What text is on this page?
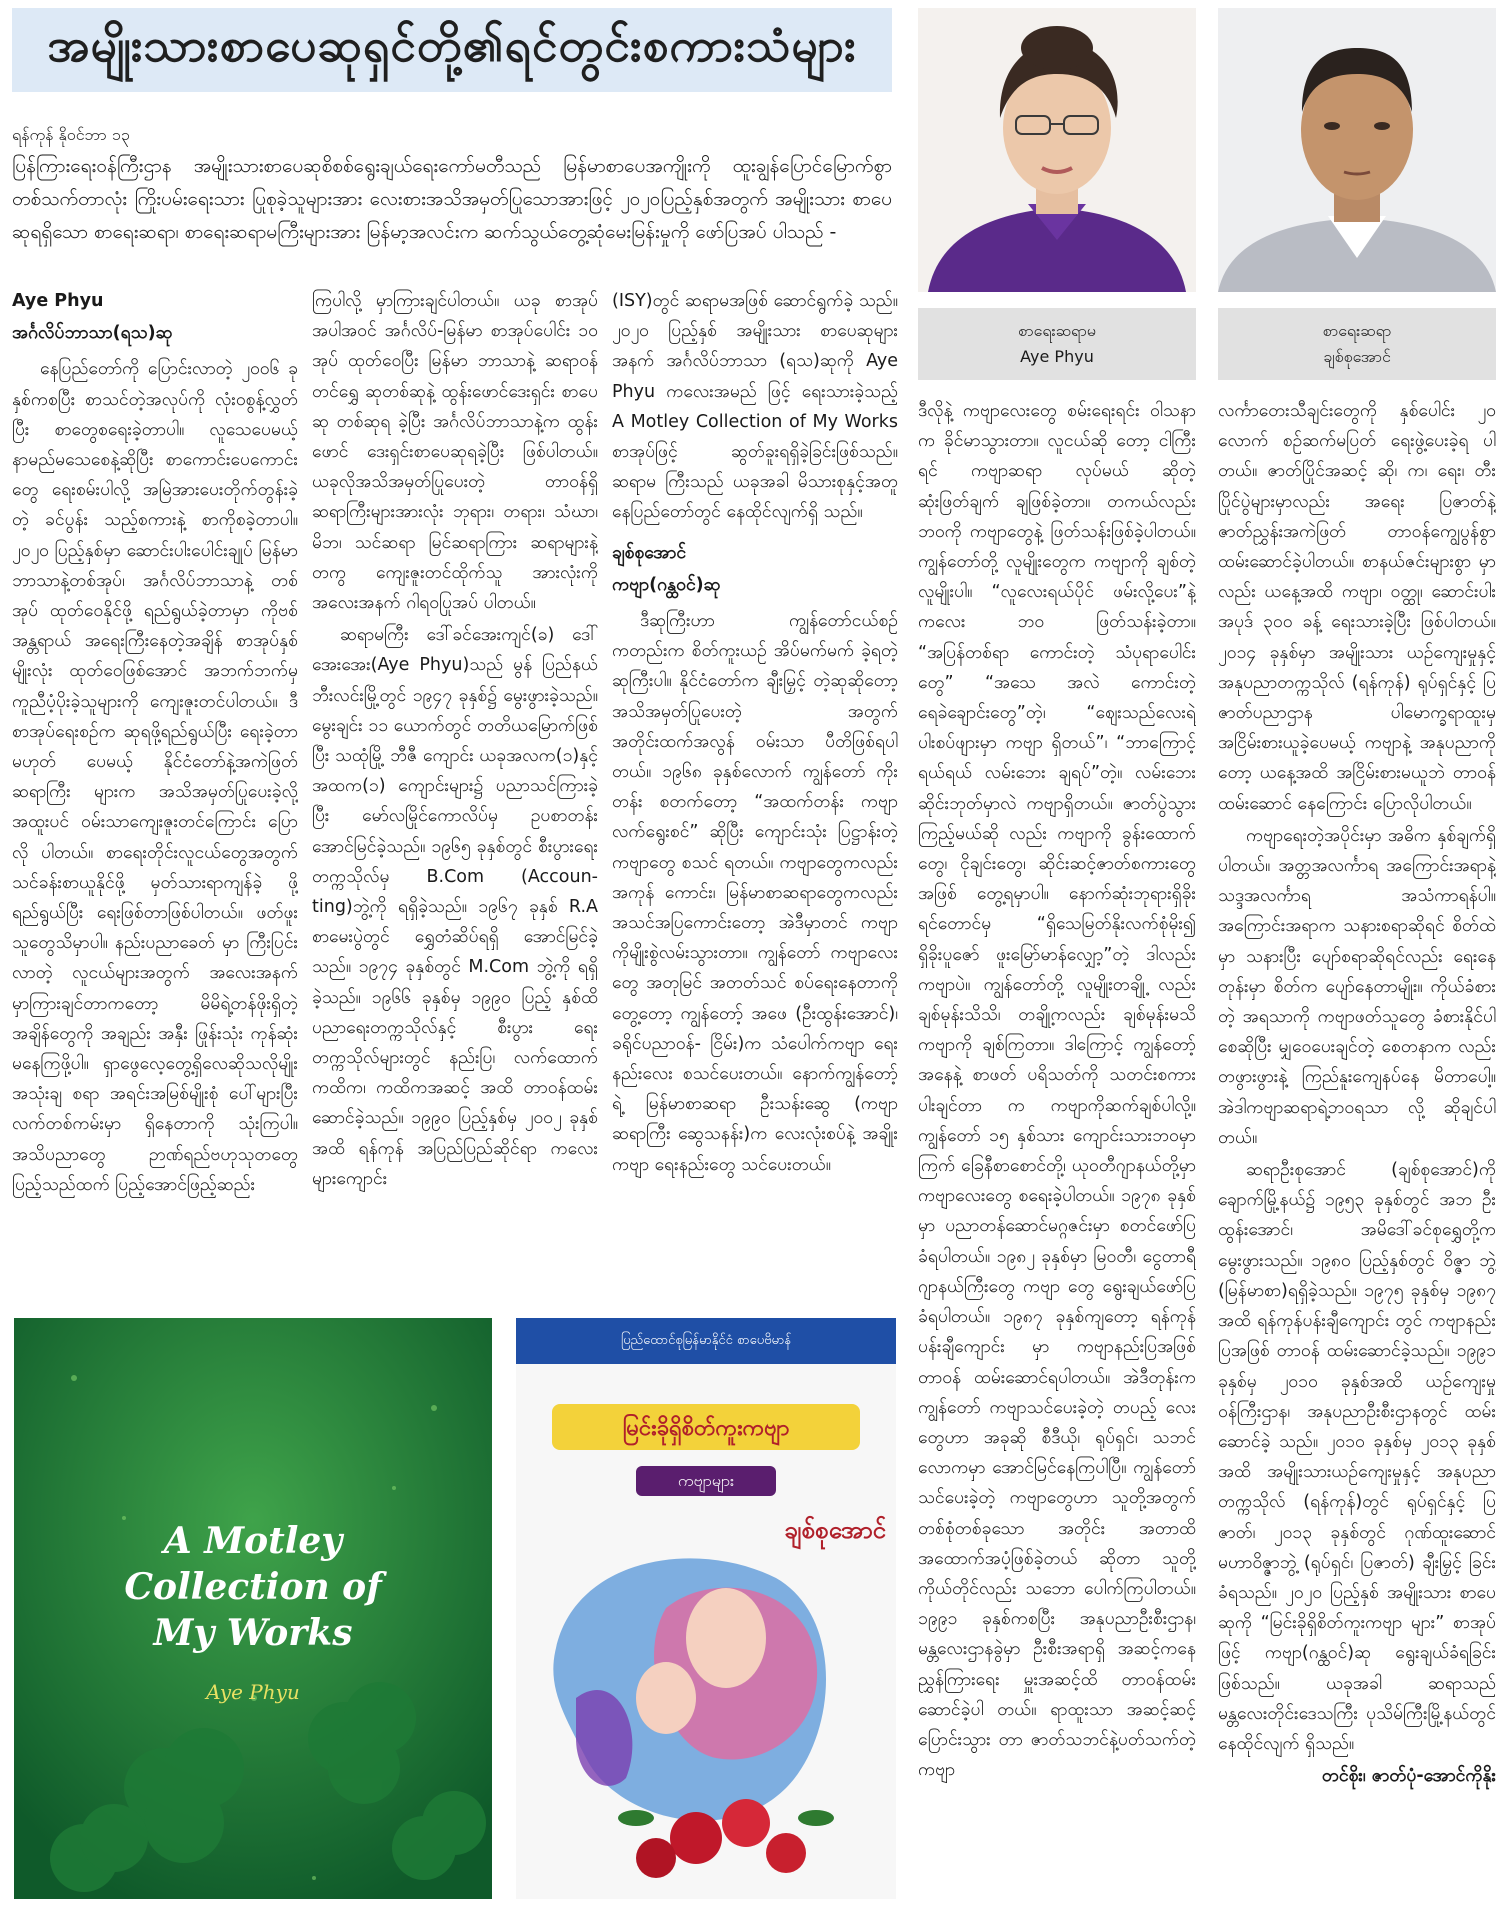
အမျိုးသားစာပေဆုရှင်တို့၏ရင်တွင်းစကားသံများ
ရန်ကုန် နိုဝင်ဘာ ၁၃
ပြန်ကြားရေးဝန်ကြီးဌာန အမျိုးသားစာပေဆုစိစစ်ရွေးချယ်ရေးကော်မတီသည် မြန်မာစာပေအကျိုးကို ထူးချွန်ပြောင်မြောက်စွာ တစ်သက်တာလုံး ကြိုးပမ်းရေးသား ပြုစုခဲ့သူများအား လေးစားအသိအမှတ်ပြုသောအားဖြင့် ၂၀၂၀ပြည့်နှစ်အတွက် အမျိုးသား စာပေဆုရရှိသော စာရေးဆရာ၊ စာရေးဆရာမကြီးများအား မြန်မာ့အလင်းက ဆက်သွယ်တွေ့ဆုံမေးမြန်းမှုကို ဖော်ပြအပ် ပါသည် -
စာရေးဆရာမ
Aye Phyu
စာရေးဆရာ
ချစ်စုအောင်

Aye Phyu

အင်္ဂလိပ်ဘာသာ(ရသ)ဆု

နေပြည်တော်ကို ပြောင်းလာတဲ့ ၂၀၀၆ ခုနှစ်ကစပြီး စာသင်တဲ့အလုပ်ကို လုံးဝစွန့်လွှတ်ပြီး စာတွေစရေးခဲ့တာပါ။ လူသေပေမယ့် နာမည်မသေစေနဲ့ဆိုပြီး စာကောင်းပေကောင်းတွေ ရေးစမ်းပါလို့ အမြဲအားပေးတိုက်တွန်းခဲ့တဲ့ ခင်ပွန်း သည့်စကားနဲ့ စာကိုစခဲ့တာပါ။ ၂၀၂၀ ပြည့်နှစ်မှာ ဆောင်းပါးပေါင်းချုပ် မြန်မာ ဘာသာနဲ့တစ်အုပ်၊ အင်္ဂလိပ်ဘာသာနဲ့ တစ်အုပ် ထုတ်ဝေနိုင်ဖို့ ရည်ရွယ်ခဲ့တာမှာ ကိုဗစ်အန္တရာယ် အရေးကြီးနေတဲ့အချိန် စာအုပ်နှစ်မျိုးလုံး ထုတ်ဝေဖြစ်အောင် အဘက်ဘက်မှ ကူညီပံ့ပိုးခဲ့သူများကို ကျေးဇူးတင်ပါတယ်။ ဒီစာအုပ်ရေးစဉ်က ဆုရဖို့ရည်ရွယ်ပြီး ရေးခဲ့တာ မဟုတ် ပေမယ့် နိုင်ငံတော်နဲ့အကဲဖြတ်ဆရာကြီး များက အသိအမှတ်ပြုပေးခဲ့လို့ အထူးပင် ဝမ်းသာကျေးဇူးတင်ကြောင်း ပြောလို ပါတယ်။ စာရေးတိုင်းလူငယ်တွေအတွက် သင်ခန်းစာယူနိုင်ဖို့ မှတ်သားရာကျန်ခဲ့ ဖို့ ရည်ရွယ်ပြီး ရေးဖြစ်တာဖြစ်ပါတယ်။ ဖတ်ဖူးသူတွေသိမှာပါ။ နည်းပညာခေတ် မှာ ကြီးပြင်းလာတဲ့ လူငယ်များအတွက် အလေးအနက် မှာကြားချင်တာကတော့ မိမိရဲ့တန်ဖိုးရှိတဲ့အချိန်တွေကို အချည်း အနှီး ဖြုန်းသုံး ကုန်ဆုံးမနေကြဖို့ပါ။ ရှာဖွေလေ့တွေ့ရှိလေဆိုသလိုမျိုး အသုံးချ စရာ အရင်းအမြစ်မျိုးစုံ ပေါ်များပြီး လက်တစ်ကမ်းမှာ ရှိနေတာကို သုံးကြပါ။ အသိပညာတွေ ဉာဏ်ရည်ဗဟုသုတတွေ ပြည့်သည်ထက် ပြည့်အောင်ဖြည့်ဆည်း

ကြပါလို့ မှာကြားချင်ပါတယ်။ ယခု စာအုပ်အပါအဝင် အင်္ဂလိပ်-မြန်မာ စာအုပ်ပေါင်း ၁၀ အုပ် ထုတ်ဝေပြီး မြန်မာ ဘာသာနဲ့ ဆရာဝန်တင်ရွှေ ဆုတစ်ဆုနဲ့ ထွန်းဖောင်ဒေးရှင်း စာပေဆု တစ်ဆုရ ခဲ့ပြီး အင်္ဂလိပ်ဘာသာနဲ့က ထွန်းဖောင် ဒေးရှင်းစာပေဆုရခဲ့ပြီး ဖြစ်ပါတယ်။ ယခုလိုအသိအမှတ်ပြုပေးတဲ့ တာဝန်ရှိ ဆရာကြီးများအားလုံး ဘုရား၊ တရား၊ သံဃာ၊ မိဘ၊ သင်ဆရာ မြင်ဆရာကြား ဆရာများနဲ့တကွ ကျေးဇူးတင်ထိုက်သူ အားလုံးကို အလေးအနက် ဂါရဝပြုအပ် ပါတယ်။

ဆရာမကြီး ဒေါ်ခင်အေးကျင်(ခ) ဒေါ်အေးအေး(Aye Phyu)သည် မွန် ပြည်နယ် ဘီးလင်းမြို့တွင် ၁၉၄၇ ခုနှစ်၌ မွေးဖွားခဲ့သည်။ မွေးချင်း ၁၁ ယောက်တွင် တတိယမြောက်ဖြစ်ပြီး သထုံမြို့ ဘီဇီ ကျောင်း ယခုအလက(၁)နှင့် အထက(၁) ကျောင်းများ၌ ပညာသင်ကြားခဲ့ပြီး မော်လမြိုင်ကောလိပ်မှ ဥပစာတန်း အောင်မြင်ခဲ့သည်။ ၁၉၆၅ ခုနှစ်တွင် စီးပွားရေးတက္ကသိုလ်မှ B.Com (Accoun- ting)ဘွဲ့ကို ရရှိခဲ့သည်။ ၁၉၆၇ ခုနှစ် R.A စာမေးပွဲတွင် ရွှေတံဆိပ်ရရှိ အောင်မြင်ခဲ့ သည်။ ၁၉၇၄ ခုနှစ်တွင် M.Com ဘွဲ့ကို ရရှိခဲ့သည်။ ၁၉၆၆ ခုနှစ်မှ ၁၉၉၀ ပြည့် နှစ်ထိ ပညာရေးတက္ကသိုလ်နှင့် စီးပွား ရေး တက္ကသိုလ်များတွင် နည်းပြ၊ လက်ထောက်ကထိက၊ ကထိကအဆင့် အထိ တာဝန်ထမ်းဆောင်ခဲ့သည်။ ၁၉၉၀ ပြည့်နှစ်မှ ၂၀၀၂ ခုနှစ်အထိ ရန်ကုန် အပြည်ပြည်ဆိုင်ရာ ကလေးများကျောင်း

(ISY)တွင် ဆရာမအဖြစ် ဆောင်ရွက်ခဲ့ သည်။ ၂၀၂၀ ပြည့်နှစ် အမျိုးသား စာပေဆုများအနက် အင်္ဂလိပ်ဘာသာ (ရသ)ဆုကို Aye Phyu ကလေးအမည် ဖြင့် ရေးသားခဲ့သည့် A Motley Collection of My Works စာအုပ်ဖြင့် ဆွတ်ခူးရရှိခဲ့ခြင်းဖြစ်သည်။ ဆရာမ ကြီးသည် ယခုအခါ မိသားစုနှင့်အတူ နေပြည်တော်တွင် နေထိုင်လျက်ရှိ သည်။

ချစ်စုအောင်

ကဗျာ(ဂန္ထဝင်)ဆု

ဒီဆုကြီးဟာ ကျွန်တော်ငယ်စဉ် ကတည်းက စိတ်ကူးယဉ် အိပ်မက်မက် ခဲ့ရတဲ့ ဆုကြီးပါ။ နိုင်ငံတော်က ချီးမြှင့် တဲ့ဆုဆိုတော့ အသိအမှတ်ပြုပေးတဲ့ အတွက် အတိုင်းထက်အလွန် ဝမ်းသာ ပီတိဖြစ်ရပါတယ်။ ၁၉၆၈ ခုနှစ်လောက် ကျွန်တော် ကိုးတန်း စတက်တော့ “အထက်တန်း ကဗျာလက်ရွေးစင်” ဆိုပြီး ကျောင်းသုံး ပြဋ္ဌာန်းတဲ့ကဗျာတွေ စသင် ရတယ်။ ကဗျာတွေကလည်း အကုန် ကောင်း၊ မြန်မာစာဆရာတွေကလည်း အသင်အပြကောင်းတော့ အဲဒီမှာတင် ကဗျာကိုမျိုးစွဲလမ်းသွားတာ။ ကျွန်တော် ကဗျာလေးတွေ အတုမြင် အတတ်သင် စပ်ရေးနေတာကိုတွေ့တော့ ကျွန်တော့် အဖေ (ဦးထွန်းအောင်)၊ ခရိုင်ပညာဝန်- ငြိမ်း)က သံပေါက်ကဗျာ ရေးနည်းလေး စသင်ပေးတယ်။ နောက်ကျွန်တော့်ရဲ့ မြန်မာစာဆရာ ဦးသန်းဆွေ (ကဗျာ ဆရာကြီး ဆွေသနန်း)က လေးလုံးစပ်နဲ့ အချိုးကဗျာ ရေးနည်းတွေ သင်ပေးတယ်။

ဒီလိုနဲ့ ကဗျာလေးတွေ စမ်းရေးရင်း ဝါသနာက ခိုင်မာသွားတာ။ လူငယ်ဆို တော့ ငါကြီးရင် ကဗျာဆရာ လုပ်မယ် ဆိုတဲ့ ဆုံးဖြတ်ချက် ချဖြစ်ခဲ့တာ။ တကယ်လည်း ဘဝကို ကဗျာတွေနဲ့ ဖြတ်သန်းဖြစ်ခဲ့ပါတယ်။ ကျွန်တော်တို့ လူမျိုးတွေက ကဗျာကို ချစ်တဲ့လူမျိုးပါ။ “လူလေးရယ်ပိုင် ဖမ်းလို့ပေး”နဲ့ ကလေး ဘဝ ဖြတ်သန်းခဲ့တာ။ “အပြန်တစ်ရာ ကောင်းတဲ့ သံပုရာပေါင်းတွေ” “အသေ အလဲ ကောင်းတဲ့ ရေခဲချောင်းတွေ”တဲ့၊ “ဈေးသည်လေးရဲ့ ပါးစပ်ဖျားမှာ ကဗျာ ရှိတယ်”၊ “ဘာကြောင့်ရယ်ရယ် လမ်းဘေး ချရပ်”တဲ့။ လမ်းဘေးဆိုင်းဘုတ်မှာလဲ ကဗျာရှိတယ်။ ဇာတ်ပွဲသွားကြည့်မယ်ဆို လည်း ကဗျာကို ခွန်းထောက်တွေ၊ ငိုချင်းတွေ၊ ဆိုင်းဆင့်ဇာတ်စကားတွေ အဖြစ် တွေ့ရမှာပါ။ နောက်ဆုံးဘုရားရှိခိုး ရင်တောင်မှ “ရှိသေမြတ်နိုးလက်စုံမိုး၍ ရှိခိုးပူဇော် ဖူးမြော်မာန်လျှော့”တဲ့ ဒါလည်း ကဗျာပဲ။ ကျွန်တော်တို့ လူမျိုးတချို့ လည်း ချစ်မုန်းသိသိ၊ တချို့ကလည်း ချစ်မုန်းမသိ ကဗျာကို ချစ်ကြတာ။ ဒါကြောင့် ကျွန်တော့်အနေနဲ့ စာဖတ် ပရိသတ်ကို သတင်းစကားပါးချင်တာ က ကဗျာကိုဆက်ချစ်ပါလို့။ ကျွန်တော် ၁၅ နှစ်သား ကျောင်းသားဘဝမှာ ကြက် ခြေနီစာစောင်တို့၊ ယုဝတီဂျာနယ်တို့မှာ ကဗျာလေးတွေ စရေးခဲ့ပါတယ်။ ၁၉၇၈ ခုနှစ်မှာ ပညာတန်ဆောင်မဂ္ဂဇင်းမှာ စတင်ဖော်ပြခံရပါတယ်။ ၁၉၈၂ ခုနှစ်မှာ မြဝတီ၊ ငွေတာရီဂျာနယ်ကြီးတွေ ကဗျာ တွေ ရွေးချယ်ဖော်ပြခံရပါတယ်။ ၁၉၈၇ ခုနှစ်ကျတော့ ရန်ကုန်ပန်းချီကျောင်း မှာ ကဗျာနည်းပြအဖြစ် တာဝန် ထမ်းဆောင်ရပါတယ်။ အဲဒီတုန်းက ကျွန်တော် ကဗျာသင်ပေးခဲ့တဲ့ တပည့် လေးတွေဟာ အခုဆို စီဒီယို၊ ရုပ်ရှင်၊ သဘင်လောကမှာ အောင်မြင်နေကြပါပြီ။ ကျွန်တော်သင်ပေးခဲ့တဲ့ ကဗျာတွေဟာ သူတို့အတွက် တစ်စုံတစ်ခုသော အတိုင်း အတာထိ အထောက်အပံ့ဖြစ်ခဲ့တယ် ဆိုတာ သူတို့ကိုယ်တိုင်လည်း သဘော ပေါက်ကြပါတယ်။ ၁၉၉၁ ခုနှစ်ကစပြီး အနုပညာဦးစီးဌာန၊ မန္တလေးဌာနခွဲမှာ ဦးစီးအရာရှိ အဆင့်ကနေ ညွှန်ကြားရေး မှူးအဆင့်ထိ တာဝန်ထမ်းဆောင်ခဲ့ပါ တယ်။ ရာထူးသာ အဆင့်ဆင့်ပြောင်းသွား တာ ဇာတ်သဘင်နဲ့ပတ်သက်တဲ့ ကဗျာ

လင်္ကာတေးသီချင်းတွေကို နှစ်ပေါင်း ၂၀ လောက် စဉ်ဆက်မပြတ် ရေးဖွဲ့ပေးခဲ့ရ ပါတယ်။ ဇာတ်ပြိုင်အဆင့် ဆို၊ က၊ ရေး၊ တီး ပြိုင်ပွဲများမှာလည်း အရေး ပြဇာတ်နဲ့ ဇာတ်ညွှန်းအကဲဖြတ် တာဝန်ကျွေပွန်စွာ ထမ်းဆောင်ခဲ့ပါတယ်။ စာနယ်ဇင်းများစွာ မှာလည်း ယနေ့အထိ ကဗျာ၊ ဝတ္ထု၊ ဆောင်းပါး အပုဒ် ၃၀၀ ခန့် ရေးသားခဲ့ပြီး ဖြစ်ပါတယ်။ ၂၀၁၄ ခုနှစ်မှာ အမျိုးသား ယဉ်ကျေးမှုနှင့် အနုပညာတက္ကသိုလ် (ရန်ကုန်) ရုပ်ရှင်နှင့် ပြဇာတ်ပညာဌာန ပါမောက္ခရာထူးမှ အငြိမ်းစားယူခဲ့ပေမယ့် ကဗျာနဲ့ အနုပညာကိုတော့ ယနေ့အထိ အငြိမ်းစားမယူဘဲ တာဝန်ထမ်းဆောင် နေကြောင်း ပြောလိုပါတယ်။

ကဗျာရေးတဲ့အပိုင်းမှာ အဓိက နှစ်ချက်ရှိပါတယ်။ အတ္တအလင်္ကာရ အကြောင်းအရာနဲ့ သဒ္ဒအလင်္ကာရ အသံကာရန်ပါ။ အကြောင်းအရာက သနားစရာဆိုရင် စိတ်ထဲမှာ သနားပြီး ပျော်စရာဆိုရင်လည်း ရေးနေတုန်းမှာ စိတ်က ပျော်နေတာမျိုး။ ကိုယ်ခံစားတဲ့ အရသာကို ကဗျာဖတ်သူတွေ ခံစားနိုင်ပါ စေဆိုပြီး မျှဝေပေးချင်တဲ့ စေတနာက လည်း တဖွားဖွားနဲ့ ကြည်နူးကျေနပ်နေ မိတာပေါ့။ အဲဒါကဗျာဆရာရဲ့ဘဝရသာ လို့ ဆိုချင်ပါတယ်။

ဆရာဦးစုအောင် (ချစ်စုအောင်)ကို ချောက်မြို့နယ်၌ ၁၉၅၃ ခုနှစ်တွင် အဘ ဦးထွန်းအောင်၊ အမိဒေါ်ခင်စုရွှေတို့က မွေးဖွားသည်။ ၁၉၈၀ ပြည့်နှစ်တွင် ဝိဇ္ဇာ ဘွဲ့ (မြန်မာစာ)ရရှိခဲ့သည်။ ၁၉၇၅ ခုနှစ်မှ ၁၉၈၇ အထိ ရန်ကုန်ပန်းချီကျောင်း တွင် ကဗျာနည်းပြအဖြစ် တာဝန် ထမ်းဆောင်ခဲ့သည်။ ၁၉၉၁ ခုနှစ်မှ ၂၀၁၀ ခုနှစ်အထိ ယဉ်ကျေးမှုဝန်ကြီးဌာန၊ အနုပညာဦးစီးဌာနတွင် ထမ်းဆောင်ခဲ့ သည်။ ၂၀၁၀ ခုနှစ်မှ ၂၀၁၃ ခုနှစ်အထိ အမျိုးသားယဉ်ကျေးမှုနှင့် အနုပညာ တက္ကသိုလ် (ရန်ကုန်)တွင် ရုပ်ရှင်နှင့် ပြဇာတ်၊ ၂၀၁၃ ခုနှစ်တွင် ဂုဏ်ထူးဆောင် မဟာဝိဇ္ဇာဘွဲ့ (ရုပ်ရှင်၊ ပြဇာတ်) ချီးမြှင့် ခြင်းခံရသည်။ ၂၀၂၀ ပြည့်နှစ် အမျိုးသား စာပေဆုကို “မြင်းခိုရှိစိတ်ကူးကဗျာ များ” စာအုပ်ဖြင့် ကဗျာ(ဂန္ထဝင်)ဆု ရွေးချယ်ခံရခြင်း ဖြစ်သည်။ ယခုအခါ ဆရာသည် မန္တလေးတိုင်းဒေသကြီး ပုသိမ်ကြီးမြို့နယ်တွင် နေထိုင်လျက် ရှိသည်။

တင်စိုး၊ ဇာတ်ပုံ-အောင်ကိုနိုး

A Motley
Collection of
My Works
Aye Phyu
ပြည်ထောင်စုမြန်မာနိုင်ငံ စာပေဗိမာန်
မြင်းခိုရှိစိတ်ကူးကဗျာ
ကဗျာများ
ချစ်စုအောင်
